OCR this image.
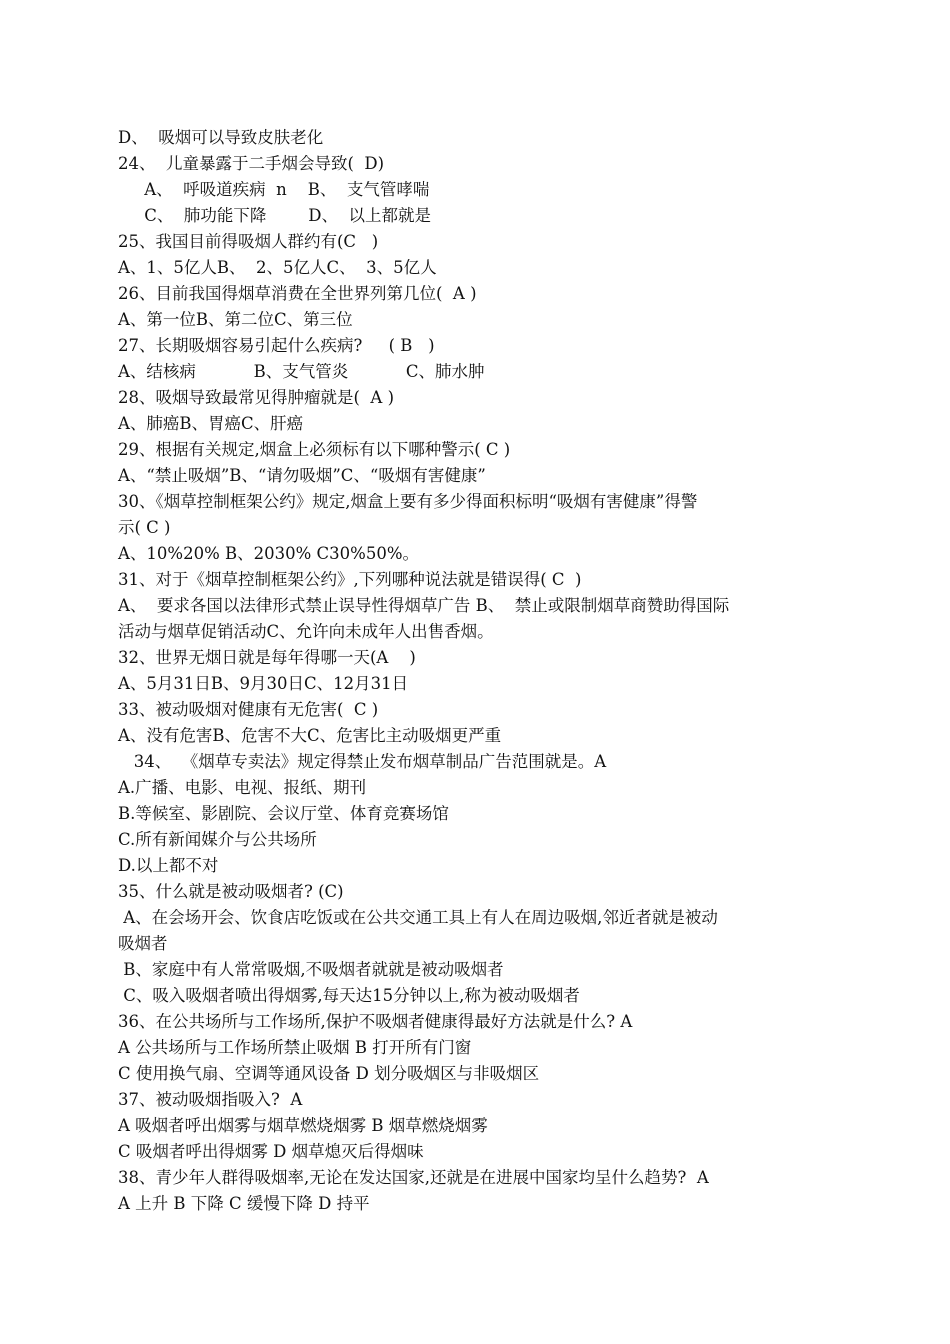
D、  吸烟可以导致皮肤老化
24、  儿童暴露于二手烟会导致(  D)
A、  呼吸道疾病  n    B、  支气管哮喘
C、  肺功能下降        D、  以上都就是
25、我国目前得吸烟人群约有(C   )
A、1、5亿人B、  2、5亿人C、  3、5亿人
26、目前我国得烟草消费在全世界列第几位(  A )
A、第一位B、第二位C、第三位
27、长期吸烟容易引起什么疾病?     ( B   )
A、结核病           B、支气管炎           C、肺水肿
28、吸烟导致最常见得肿瘤就是(  A )
A、肺癌B、胃癌C、肝癌
29、根据有关规定,烟盒上必须标有以下哪种警示( C )
A、“禁止吸烟”B、“请勿吸烟”C、“吸烟有害健康”
30、《烟草控制框架公约》规定,烟盒上要有多少得面积标明“吸烟有害健康”得警
示( C )
A、10%20% B、2030% C30%50%。
31、对于《烟草控制框架公约》,下列哪种说法就是错误得( C  )
A、  要求各国以法律形式禁止误导性得烟草广告 B、  禁止或限制烟草商赞助得国际
活动与烟草促销活动C、允许向未成年人出售香烟。
32、世界无烟日就是每年得哪一天(A    )
A、5月31日B、9月30日C、12月31日
33、被动吸烟对健康有无危害(  C )
A、没有危害B、危害不大C、危害比主动吸烟更严重
34、  《烟草专卖法》规定得禁止发布烟草制品广告范围就是。A
A.广播、电影、电视、报纸、期刊
B.等候室、影剧院、会议厅堂、体育竞赛场馆
C.所有新闻媒介与公共场所
D.以上都不对
35、什么就是被动吸烟者? (C)
A、在会场开会、饮食店吃饭或在公共交通工具上有人在周边吸烟,邻近者就是被动
吸烟者
B、家庭中有人常常吸烟,不吸烟者就就是被动吸烟者
C、吸入吸烟者喷出得烟雾,每天达15分钟以上,称为被动吸烟者
36、在公共场所与工作场所,保护不吸烟者健康得最好方法就是什么? A
A 公共场所与工作场所禁止吸烟 B 打开所有门窗
C 使用换气扇、空调等通风设备 D 划分吸烟区与非吸烟区
37、被动吸烟指吸入?  A
A 吸烟者呼出烟雾与烟草燃烧烟雾 B 烟草燃烧烟雾
C 吸烟者呼出得烟雾 D 烟草熄灭后得烟味
38、青少年人群得吸烟率,无论在发达国家,还就是在进展中国家均呈什么趋势?  A
A 上升 B 下降 C 缓慢下降 D 持平
